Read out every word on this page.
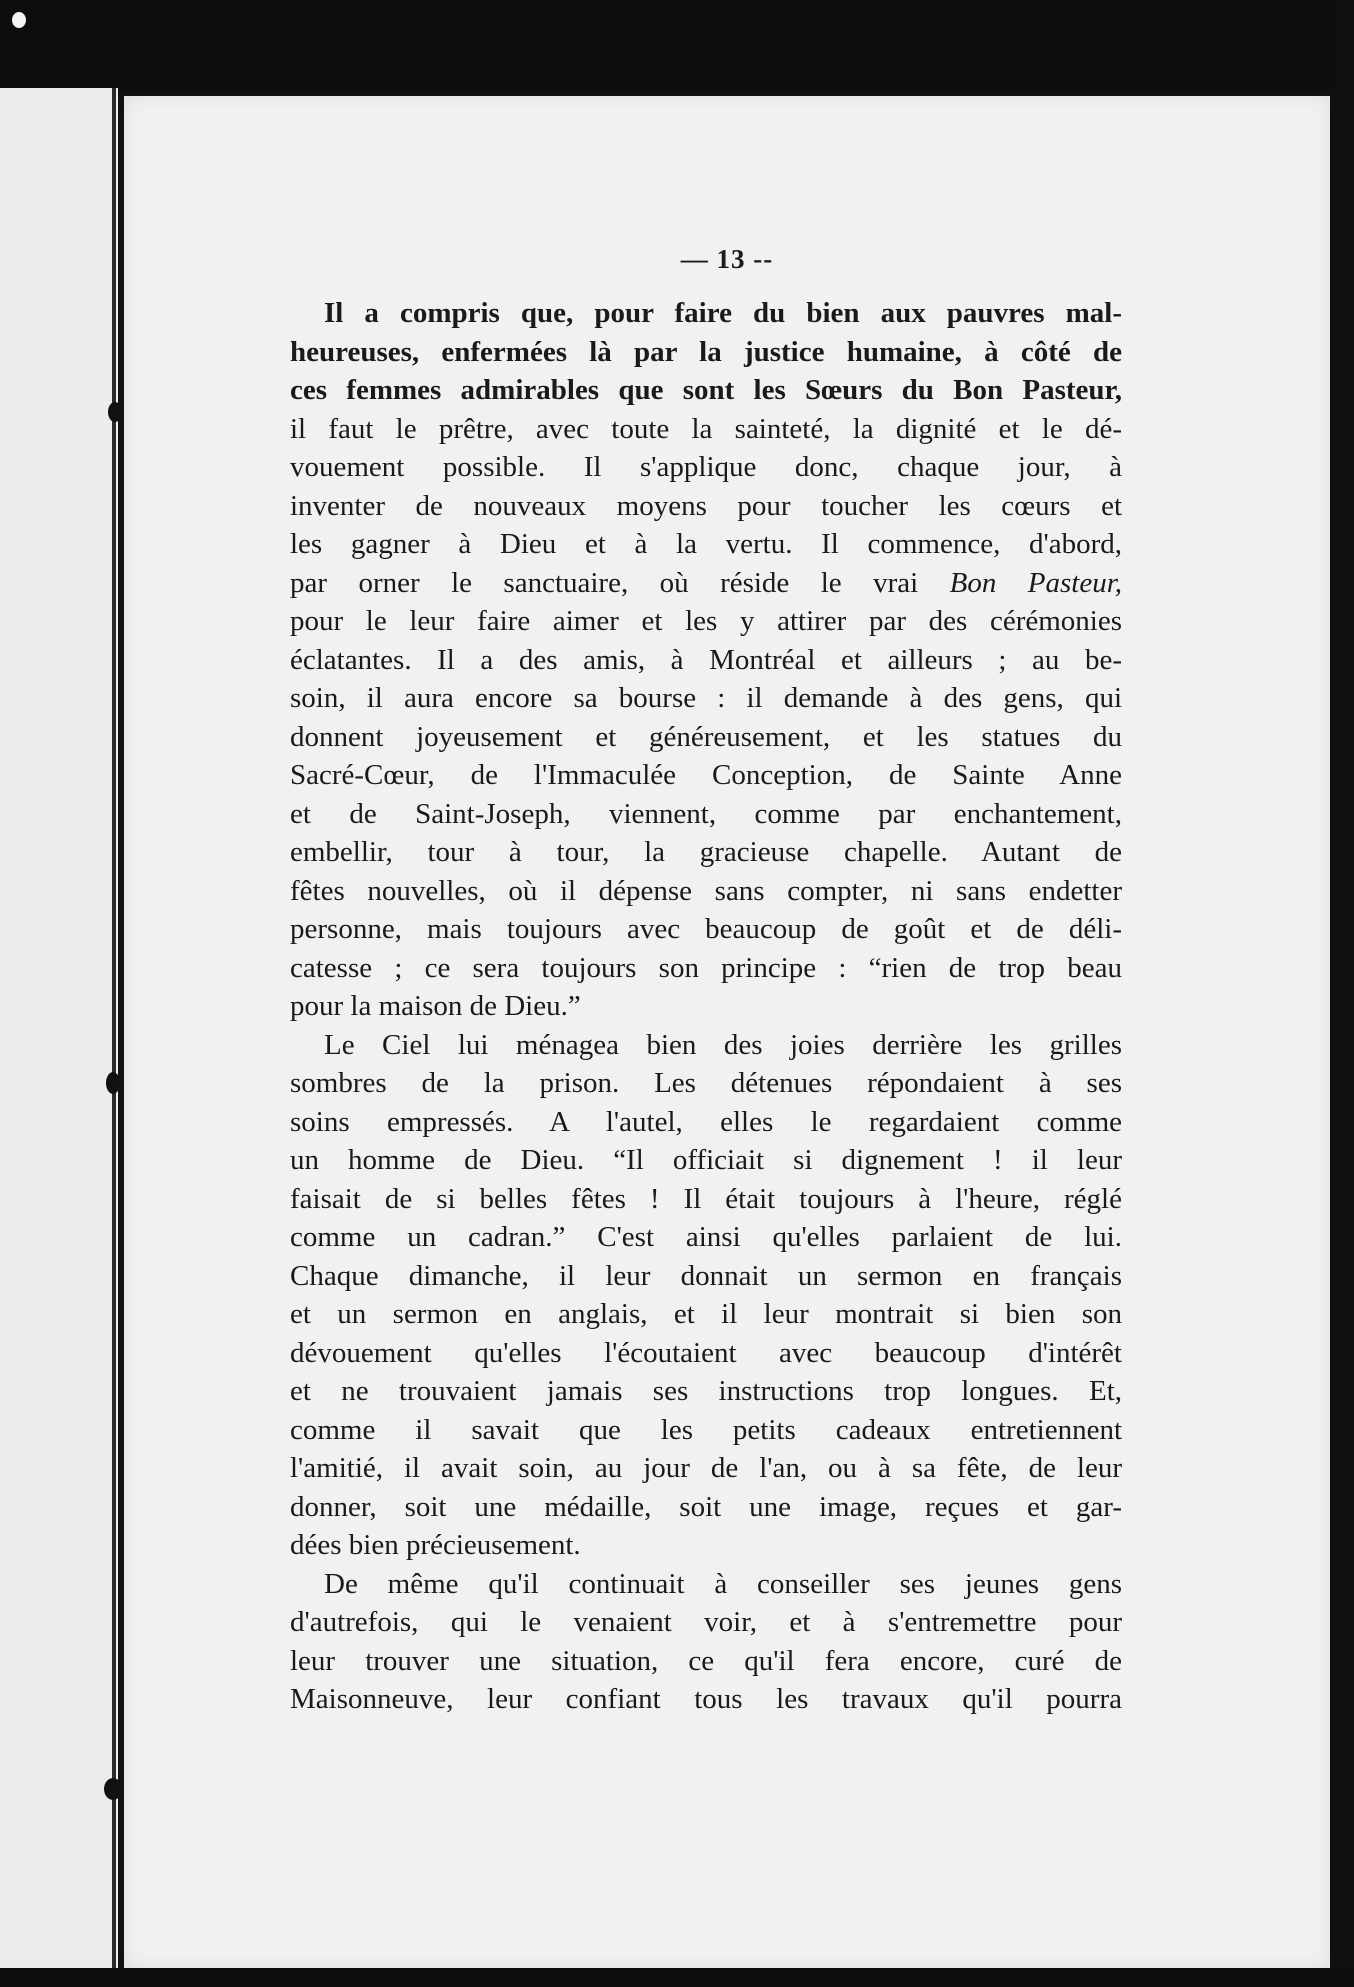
— 13 --
Il a compris que, pour faire du bien aux pauvres mal-
heureuses, enfermées là par la justice humaine, à côté de
ces femmes admirables que sont les Sœurs du Bon Pasteur,
il faut le prêtre, avec toute la sainteté, la dignité et le dé-
vouement possible. Il s'applique donc, chaque jour, à
inventer de nouveaux moyens pour toucher les cœurs et
les gagner à Dieu et à la vertu. Il commence, d'abord,
par orner le sanctuaire, où réside le vrai Bon Pasteur,
pour le leur faire aimer et les y attirer par des cérémonies
éclatantes. Il a des amis, à Montréal et ailleurs ; au be-
soin, il aura encore sa bourse : il demande à des gens, qui
donnent joyeusement et généreusement, et les statues du
Sacré-Cœur, de l'Immaculée Conception, de Sainte Anne
et de Saint-Joseph, viennent, comme par enchantement,
embellir, tour à tour, la gracieuse chapelle. Autant de
fêtes nouvelles, où il dépense sans compter, ni sans endetter
personne, mais toujours avec beaucoup de goût et de déli-
catesse ; ce sera toujours son principe : “rien de trop beau
pour la maison de Dieu.”
Le Ciel lui ménagea bien des joies derrière les grilles
sombres de la prison. Les détenues répondaient à ses
soins empressés. A l'autel, elles le regardaient comme
un homme de Dieu. “Il officiait si dignement ! il leur
faisait de si belles fêtes ! Il était toujours à l'heure, réglé
comme un cadran.” C'est ainsi qu'elles parlaient de lui.
Chaque dimanche, il leur donnait un sermon en français
et un sermon en anglais, et il leur montrait si bien son
dévouement qu'elles l'écoutaient avec beaucoup d'intérêt
et ne trouvaient jamais ses instructions trop longues. Et,
comme il savait que les petits cadeaux entretiennent
l'amitié, il avait soin, au jour de l'an, ou à sa fête, de leur
donner, soit une médaille, soit une image, reçues et gar-
dées bien précieusement.
De même qu'il continuait à conseiller ses jeunes gens
d'autrefois, qui le venaient voir, et à s'entremettre pour
leur trouver une situation, ce qu'il fera encore, curé de
Maisonneuve, leur confiant tous les travaux qu'il pourra
